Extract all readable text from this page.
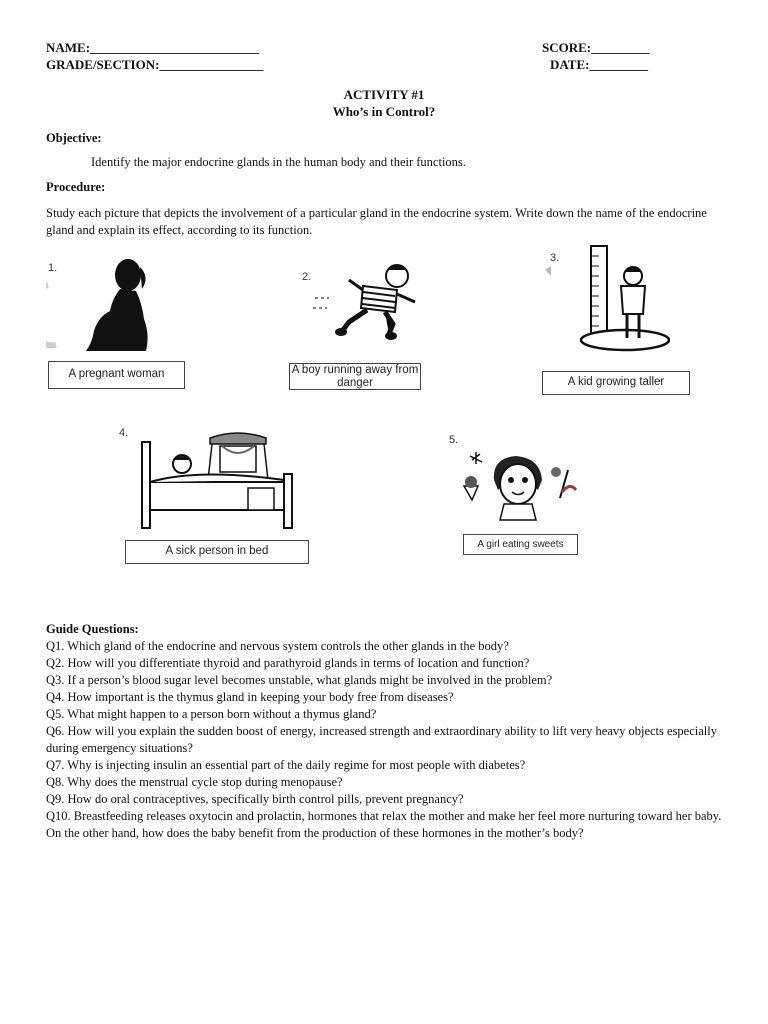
NAME:__________________________
GRADE/SECTION:________________
SCORE:_________
DATE:_________
ACTIVITY #1
Who’s in Control?
Objective:
Identify the major endocrine glands in the human body and their functions.
Procedure:
Study each picture that depicts the involvement of a particular gland in the endocrine system. Write down the name of the endocrine gland and explain its effect, according to its function.
1.
A pregnant woman
2.
A boy running away from danger
3.
A kid growing taller
4.
A sick person in bed
5.
A girl eating sweets
Guide Questions:

Q1. Which gland of the endocrine and nervous system controls the other glands in the body?

Q2. How will you differentiate thyroid and parathyroid glands in terms of location and function?

Q3. If a person’s blood sugar level becomes unstable, what glands might be involved in the problem?

Q4. How important is the thymus gland in keeping your body free from diseases?

Q5. What might happen to a person born without a thymus gland?

Q6. How will you explain the sudden boost of energy, increased strength and extraordinary ability to lift very heavy objects especially during emergency situations?

Q7. Why is injecting insulin an essential part of the daily regime for most people with diabetes?

Q8. Why does the menstrual cycle stop during menopause?

Q9. How do oral contraceptives, specifically birth control pills, prevent pregnancy?

Q10. Breastfeeding releases oxytocin and prolactin, hormones that relax the mother and make her feel more nurturing toward her baby. On the other hand, how does the baby benefit from the production of these hormones in the mother’s body?
